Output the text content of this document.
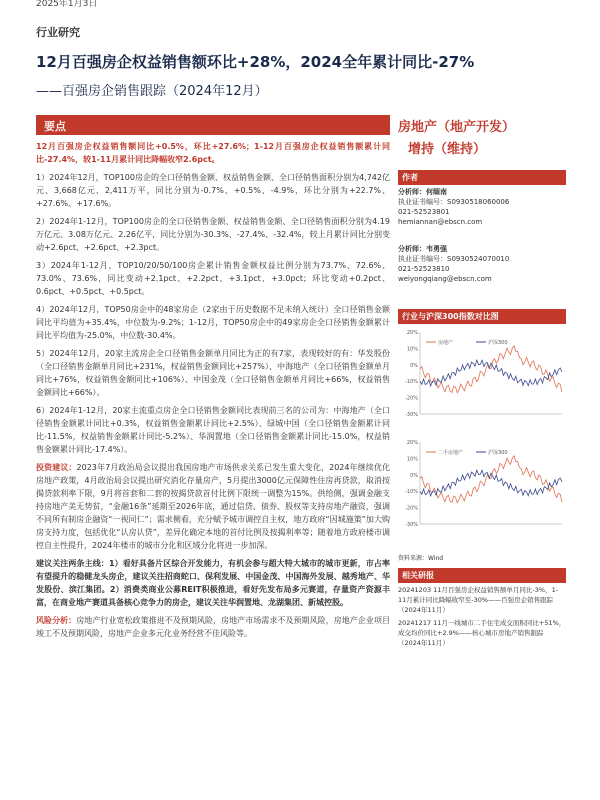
2025年1月3日
行业研究
12月百强房企权益销售额环比+28%，2024全年累计同比-27%
——百强房企销售跟踪（2024年12月）
要点

12月百强房企权益销售额同比+0.5%，环比+27.6%；1-12月百强房企权益销售额累计同比-27.4%，较1-11月累计同比降幅收窄2.6pct。

1）2024年12月，TOP100房企的全口径销售金额、权益销售金额、全口径销售面积分别为4,742亿元、3,668亿元、2,411万平，同比分别为-0.7%、+0.5%、-4.9%，环比分别为+22.7%、+27.6%、+17.6%。

2）2024年1-12月，TOP100房企的全口径销售金额、权益销售金额、全口径销售面积分别为4.19万亿元、3.08万亿元、2.26亿平，同比分别为-30.3%、-27.4%、-32.4%，较上月累计同比分别变动+2.6pct、+2.6pct、+2.3pct。

3）2024年1-12月，TOP10/20/50/100房企累计销售金额权益比例分别为73.7%、72.6%、73.0%、73.6%，同比变动+2.1pct、+2.2pct、+3.1pct、+3.0pct；环比变动+0.2pct、0.6pct、+0.5pct、+0.5pct。

4）2024年12月，TOP50房企中的48家房企（2家由于历史数据不足未纳入统计）全口径销售金额同比平均值为+35.4%，中位数为-9.2%；1-12月，TOP50房企中的49家房企全口径销售金额累计同比平均值为-25.0%，中位数-30.4%。

5）2024年12月，20家主流房企全口径销售金额单月同比为正的有7家，表现较好的有：华发股份（全口径销售金额单月同比+231%，权益销售金额同比+257%）、中海地产（全口径销售金额单月同比+76%，权益销售金额同比+106%）、中国金茂（全口径销售金额单月同比+66%，权益销售金额同比+66%）。

6）2024年1-12月，20家主流重点房企全口径销售金额同比表现前三名的公司为：中海地产（全口径销售金额累计同比+0.3%，权益销售金额累计同比+2.5%）、绿城中国（全口径销售金额累计同比-11.5%，权益销售金额累计同比-5.2%）、华润置地（全口径销售金额累计同比-15.0%，权益销售金额累计同比-17.4%）。

投资建议：2023年7月政治局会议提出我国房地产市场供求关系已发生重大变化，2024年继续优化房地产政策，4月政治局会议提出研究消化存量房产，5月提出3000亿元保障性住房再贷款，取消按揭贷款利率下限，9月将首套和二套的按揭贷款首付比例下限统一调整为15%。供给侧，强调金融支持房地产美无势贫，“金融16条”延期至2026年底，通过信贷、债券、股权等支持房地产融资，强调不同所有制房企融资“一视同仁”；需求侧看，充分赋予城市调控自主权，地方政府“因城施策”加大购房支持力度，包括优化“认房认贷”，差异化确定本地的首付比例及按揭利率等；随着地方政府楼市调控自主性提升，2024年楼市的城市分化和区域分化将进一步加深。

建议关注两条主线：1）看好具备片区综合开发能力，有机会参与超大特大城市的城市更新，市占率有望提升的稳健龙头房企，建议关注招商蛇口、保利发展、中国金茂、中国海外发展、越秀地产、华发股份、滨江集团。2）消费类商业公募REIT积极推进，看好先发布局多元赛道，存量资产资源丰富，在商业地产赛道具备核心竞争力的房企，建议关注华润置地、龙湖集团、新城控股。

风险分析：房地产行业宽松政策推进不及预期风险，房地产市场需求不及预期风险，房地产企业项目竣工不及预期风险，房地产企业多元化业务经营不佳风险等。

房地产（地产开发）
增持（维持）
作者
分析师：何缅南
执业证书编号：S0930518060006
021-52523801
hemiannan@ebscn.com
分析师：韦勇强
执业证书编号：S0930524070010
021-52523810
weiyongqiang@ebscn.com
行业与沪深300指数对比图
20%
10%
0%
-10%
-20%
-30%
房地产	沪深300
20%
10%
0%
-10%
-20%
-30%
二手房地产	沪深300
资料来源：Wind
相关研报

20241203 11月百强房企权益销售额单月同比-3%，1-11月累计同比降幅收窄至-30%——百强房企销售跟踪（2024年11月）

20241217 11月一线城市二手住宅成交面积同比+51%，成交均价同比+2.9%——核心城市房地产销售跟踪（2024年11月）
